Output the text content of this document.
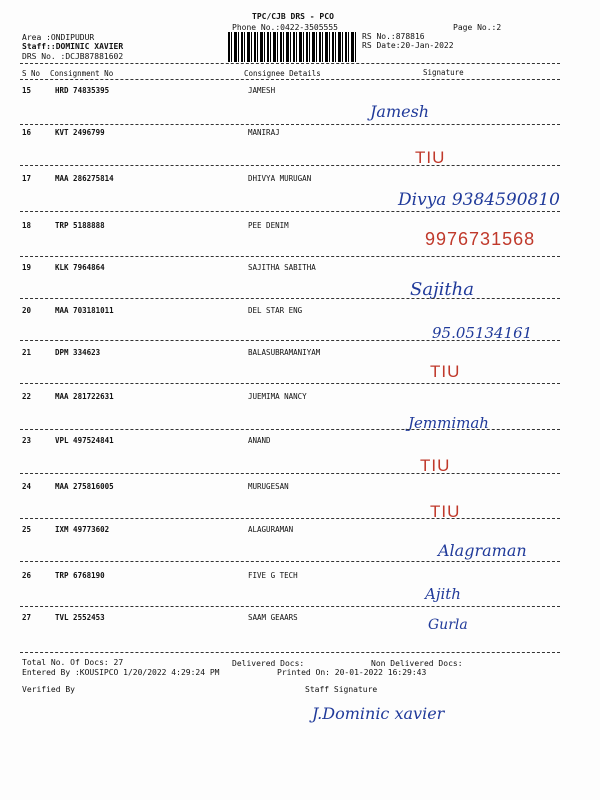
TPC/CJB DRS - PCO
Phone No.:0422-3505555	Page No.:2
Area :ONDIPUDUR
Staff::DOMINIC XAVIER
DRS No. :DCJB87881602
RS No.:878816
RS Date:20-Jan-2022
S No Consignment No	Consignee Details	Signature
15	HRD 74835395	JAMESH
Jamesh
16	KVT 2496799	MANIRAJ
TIU
17	MAA 286275814	DHIVYA MURUGAN
Divya 9384590810
18	TRP 5188888	PEE DENIM
9976731568
19	KLK 7964864	SAJITHA SABITHA
Sajitha
20	MAA 703181011	DEL STAR ENG
95.05134161
21	DPM 334623	BALASUBRAMANIYAM
TIU
22	MAA 281722631	JUEMIMA NANCY
Jemmimah
23	VPL 497524841	ANAND
TIU
24	MAA 275816005	MURUGESAN
TIU
25	IXM 49773602	ALAGURAMAN
Alagraman
26	TRP 6768190	FIVE G TECH
Ajith
27	TVL 2552453	SAAM GEAARS	Gurla
Total No. Of Docs: 27	Delivered Docs:	Non Delivered Docs:
Entered By :KOUSIPCO 1/20/2022 4:29:24 PM	Printed On: 20-01-2022 16:29:43
Verified By	Staff Signature
J.Dominic xavier
